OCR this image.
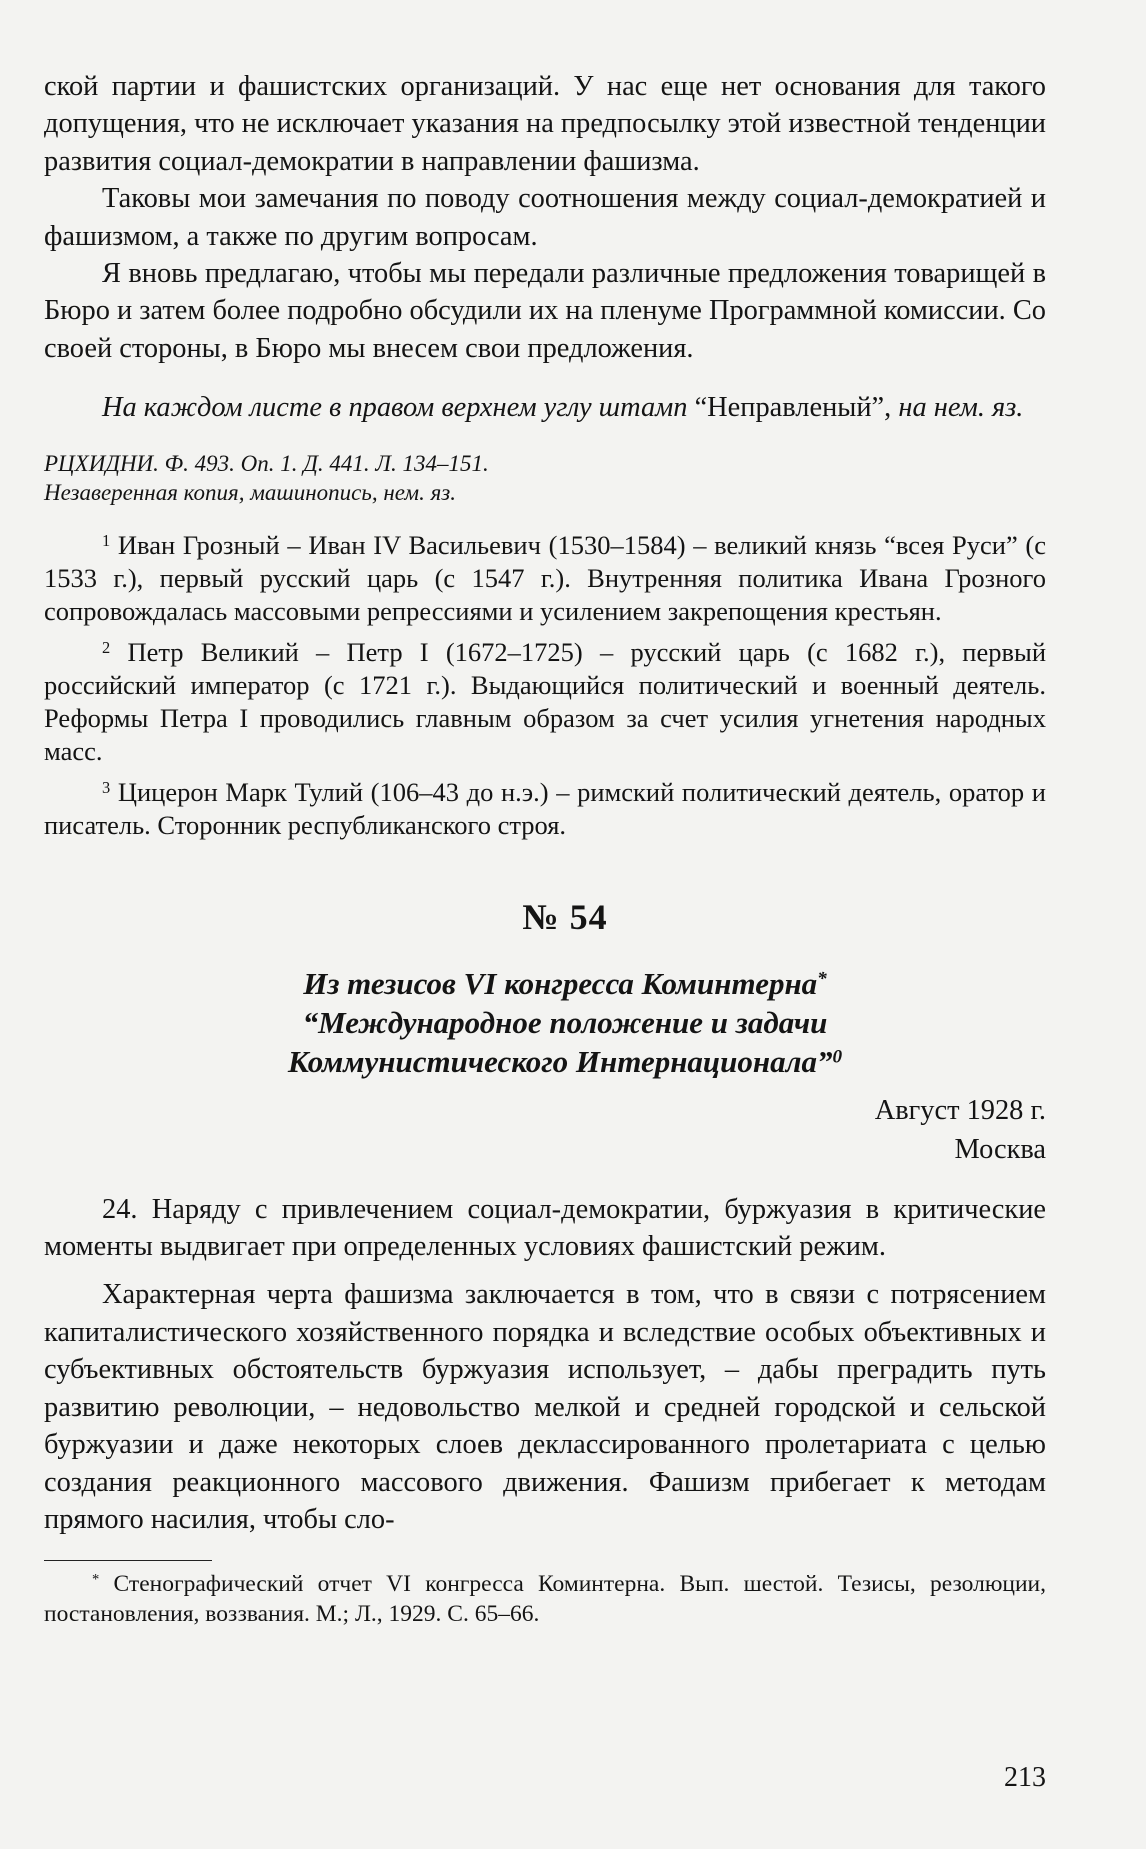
ской партии и фашистских организаций. У нас еще нет основания для такого допущения, что не исключает указания на предпосылку этой известной тенденции развития социал-демократии в направлении фашизма.

Таковы мои замечания по поводу соотношения между социал-демократией и фашизмом, а также по другим вопросам.

Я вновь предлагаю, чтобы мы передали различные предложения товарищей в Бюро и затем более подробно обсудили их на пленуме Программной комиссии. Со своей стороны, в Бюро мы внесем свои предложения.

На каждом листе в правом верхнем углу штамп “Неправленый”, на нем. яз.

РЦХИДНИ. Ф. 493. Оп. 1. Д. 441. Л. 134–151.

Незаверенная копия, машинопись, нем. яз.

$^1$ Иван Грозный – Иван IV Васильевич (1530–1584) – великий князь “всея Руси” (с 1533 г.), первый русский царь (с 1547 г.). Внутренняя политика Ивана Грозного сопровождалась массовыми репрессиями и усилением закрепощения крестьян.

$^2$ Петр Великий – Петр I (1672–1725) – русский царь (с 1682 г.), первый российский император (с 1721 г.). Выдающийся политический и военный деятель. Реформы Петра I проводились главным образом за счет усилия угнетения народных масс.

$^3$ Цицерон Марк Тулий (106–43 до н.э.) – римский политический деятель, оратор и писатель. Сторонник республиканского строя.

№ 54
Из тезисов VI конгресса Коминтерна*
“Международное положение и задачи
Коммунистического Интернационала”$^0$
Август 1928 г.
Москва

24. Наряду с привлечением социал-демократии, буржуазия в критические моменты выдвигает при определенных условиях фашистский режим.

Характерная черта фашизма заключается в том, что в связи с потрясением капиталистического хозяйственного порядка и вследствие особых объективных и субъективных обстоятельств буржуазия использует, – дабы преградить путь развитию революции, – недовольство мелкой и средней городской и сельской буржуазии и даже некоторых слоев деклассированного пролетариата с целью создания реакционного массового движения. Фашизм прибегает к методам прямого насилия, чтобы сло-

* Стенографический отчет VI конгресса Коминтерна. Вып. шестой. Тезисы, резолюции, постановления, воззвания. М.; Л., 1929. С. 65–66.

213
